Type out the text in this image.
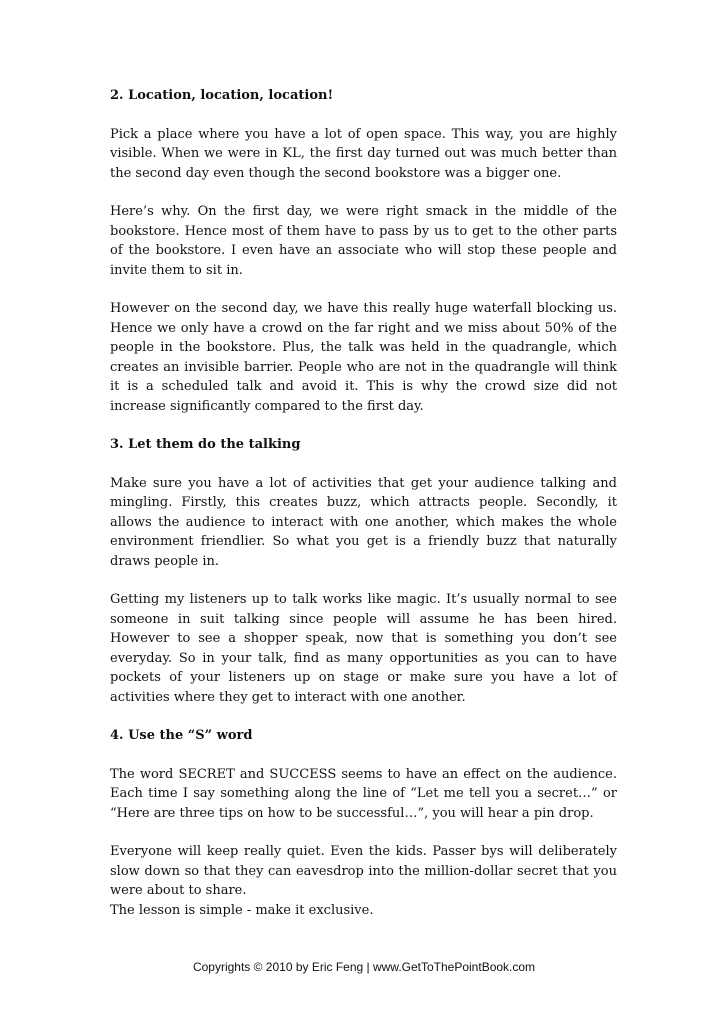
2. Location, location, location!

Pick a place where you have a lot of open space. This way, you are highly visible. When we were in KL, the first day turned out was much better than the second day even though the second bookstore was a bigger one.

Here’s why. On the first day, we were right smack in the middle of the bookstore. Hence most of them have to pass by us to get to the other parts of the bookstore. I even have an associate who will stop these people and invite them to sit in.

However on the second day, we have this really huge waterfall blocking us. Hence we only have a crowd on the far right and we miss about 50% of the people in the bookstore. Plus, the talk was held in the quadrangle, which creates an invisible barrier. People who are not in the quadrangle will think it is a scheduled talk and avoid it. This is why the crowd size did not increase significantly compared to the first day.

3. Let them do the talking

Make sure you have a lot of activities that get your audience talking and mingling. Firstly, this creates buzz, which attracts people. Secondly, it allows the audience to interact with one another, which makes the whole environment friendlier. So what you get is a friendly buzz that naturally draws people in.

Getting my listeners up to talk works like magic. It’s usually normal to see someone in suit talking since people will assume he has been hired. However to see a shopper speak, now that is something you don’t see everyday. So in your talk, find as many opportunities as you can to have pockets of your listeners up on stage or make sure you have a lot of activities where they get to interact with one another.

4. Use the “S” word

The word SECRET and SUCCESS seems to have an effect on the audience. Each time I say something along the line of “Let me tell you a secret…” or “Here are three tips on how to be successful…”, you will hear a pin drop.

Everyone will keep really quiet. Even the kids. Passer bys will deliberately slow down so that they can eavesdrop into the million-dollar secret that you were about to share.

The lesson is simple - make it exclusive.

Copyrights © 2010 by Eric Feng | www.GetToThePointBook.com
